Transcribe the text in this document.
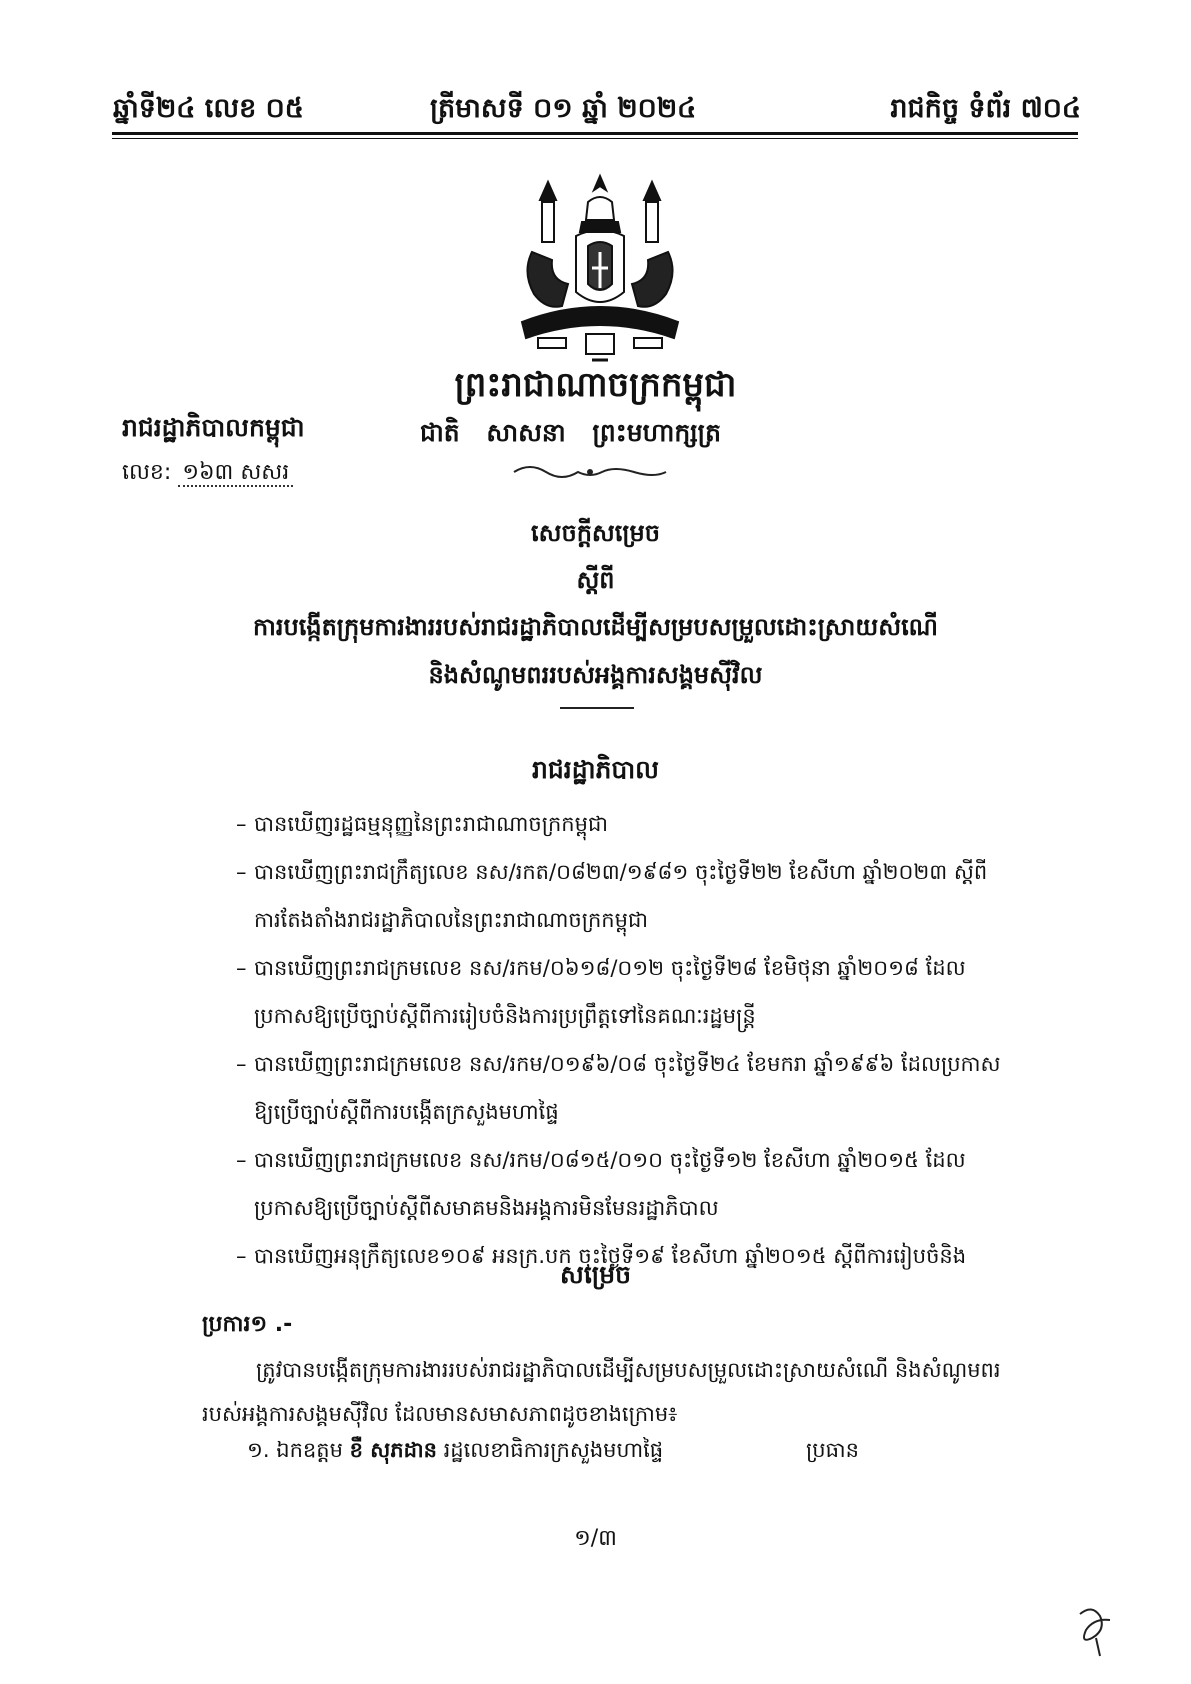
ឆ្នាំទី២៤ លេខ ០៥	ត្រីមាសទី ០១ ឆ្នាំ ២០២៤	រាជកិច្ច ទំព័រ ៧០៤
ព្រះរាជាណាចក្រកម្ពុជា
ជាតិ សាសនា ព្រះមហាក្សត្រ
រាជរដ្ឋាភិបាលកម្ពុជា
លេខ: ១៦៣ សសរ
សេចក្តីសម្រេច
ស្តីពី
ការបង្កើតក្រុមការងាររបស់រាជរដ្ឋាភិបាលដើម្បីសម្របសម្រួលដោះស្រាយសំណើ
និងសំណូមពររបស់អង្គការសង្គមស៊ីវិល
រាជរដ្ឋាភិបាល
– បានឃើញរដ្ឋធម្មនុញ្ញនៃព្រះរាជាណាចក្រកម្ពុជា
– បានឃើញព្រះរាជក្រឹត្យលេខ នស/រកត/០៨២៣/១៩៨១ ចុះថ្ងៃទី២២ ខែសីហា ឆ្នាំ២០២៣ ស្តីពី
ការតែងតាំងរាជរដ្ឋាភិបាលនៃព្រះរាជាណាចក្រកម្ពុជា
– បានឃើញព្រះរាជក្រមលេខ នស/រកម/០៦១៨/០១២ ចុះថ្ងៃទី២៨ ខែមិថុនា ឆ្នាំ២០១៨ ដែល
ប្រកាសឱ្យប្រើច្បាប់ស្តីពីការរៀបចំនិងការប្រព្រឹត្តទៅនៃគណៈរដ្ឋមន្ត្រី
– បានឃើញព្រះរាជក្រមលេខ នស/រកម/០១៩៦/០៨ ចុះថ្ងៃទី២៤ ខែមករា ឆ្នាំ១៩៩៦ ដែលប្រកាស
ឱ្យប្រើច្បាប់ស្តីពីការបង្កើតក្រសួងមហាផ្ទៃ
– បានឃើញព្រះរាជក្រមលេខ នស/រកម/០៨១៥/០១០ ចុះថ្ងៃទី១២ ខែសីហា ឆ្នាំ២០១៥ ដែល
ប្រកាសឱ្យប្រើច្បាប់ស្តីពីសមាគមនិងអង្គការមិនមែនរដ្ឋាភិបាល
– បានឃើញអនុក្រឹត្យលេខ១០៩ អនក្រ.បក ចុះថ្ងៃទី១៩ ខែសីហា ឆ្នាំ២០១៥ ស្តីពីការរៀបចំនិង
សម្រេច
ប្រការ១ .-
ត្រូវបានបង្កើតក្រុមការងាររបស់រាជរដ្ឋាភិបាលដើម្បីសម្របសម្រួលដោះស្រាយសំណើ និងសំណូមពរ
របស់អង្គការសង្គមស៊ីវិល ដែលមានសមាសភាពដូចខាងក្រោម៖
១. ឯកឧត្តម ខឺ សុភដាន រដ្ឋលេខាធិការក្រសួងមហាផ្ទៃ	ប្រធាន
១/៣
